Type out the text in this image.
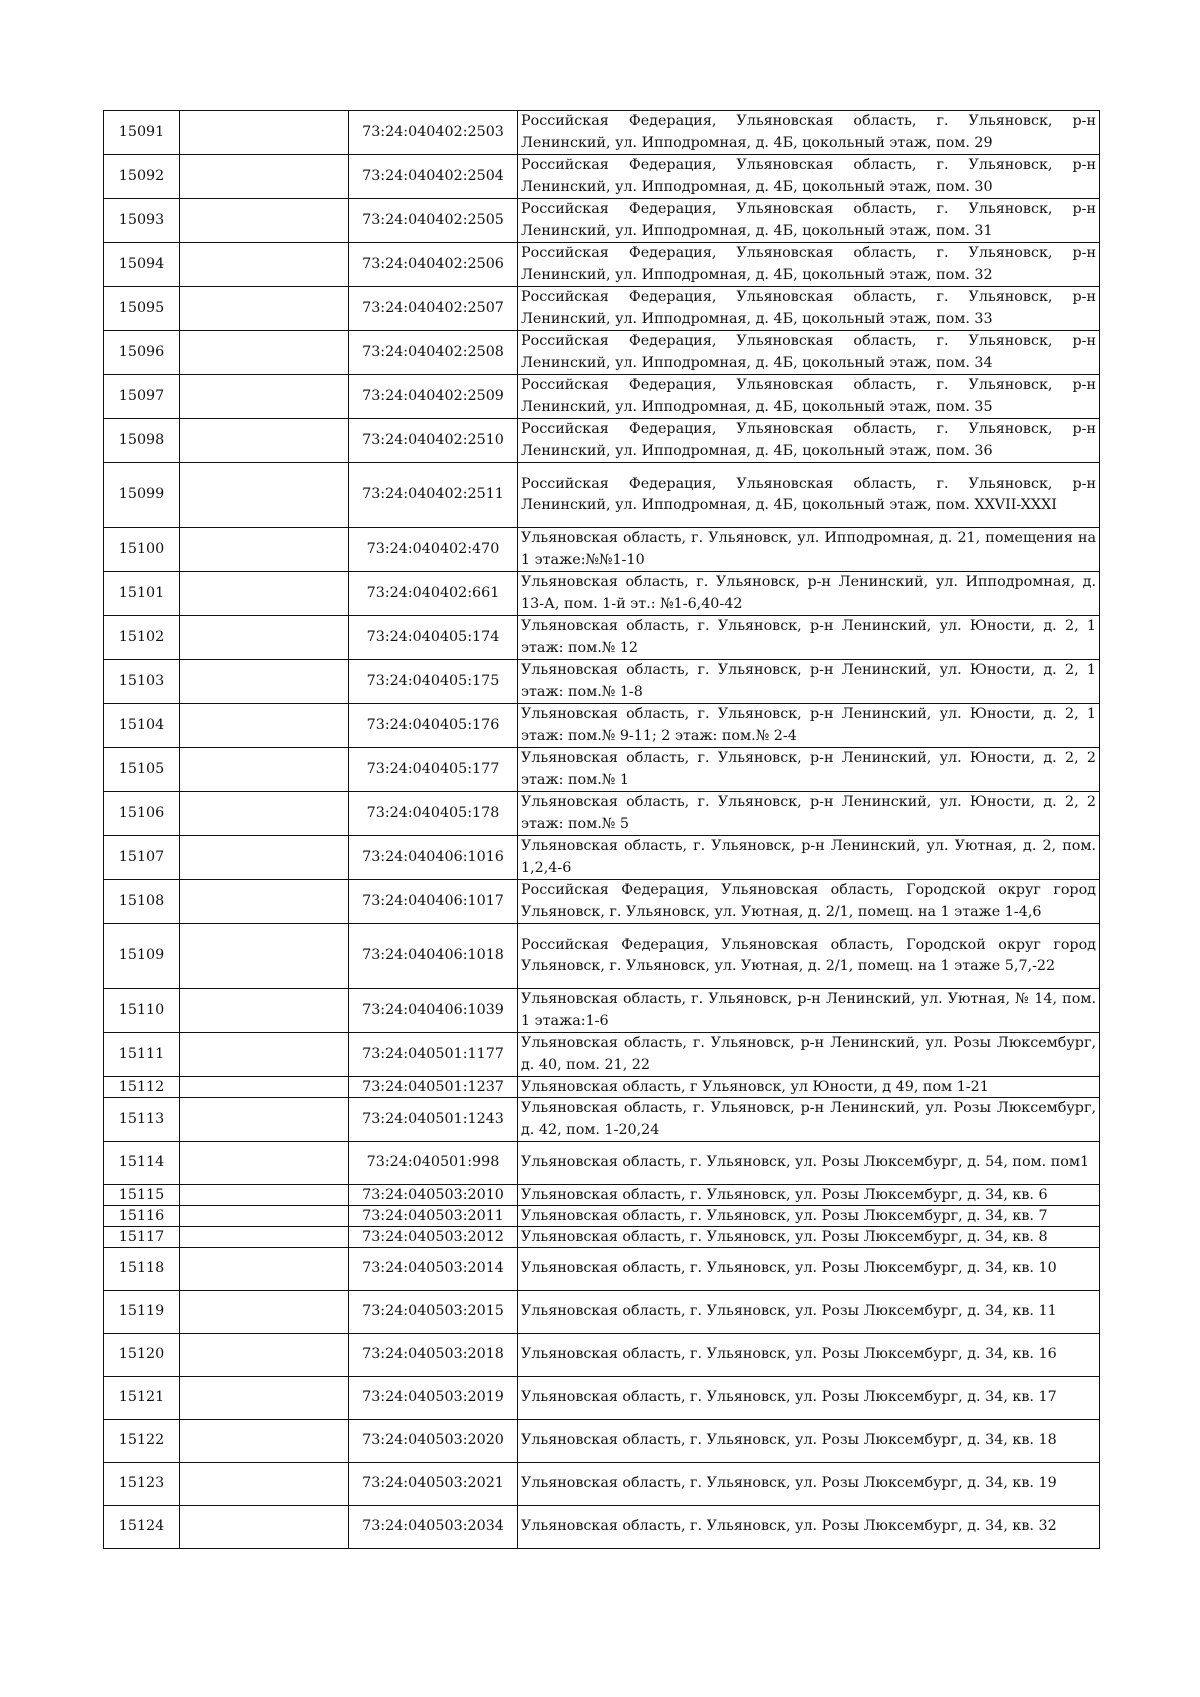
15091		73:24:040402:2503	Российская Федерация, Ульяновская область, г. Ульяновск, р-н Ленинский, ул. Ипподромная, д. 4Б, цокольный этаж, пом. 29
15092		73:24:040402:2504	Российская Федерация, Ульяновская область, г. Ульяновск, р-н Ленинский, ул. Ипподромная, д. 4Б, цокольный этаж, пом. 30
15093		73:24:040402:2505	Российская Федерация, Ульяновская область, г. Ульяновск, р-н Ленинский, ул. Ипподромная, д. 4Б, цокольный этаж, пом. 31
15094		73:24:040402:2506	Российская Федерация, Ульяновская область, г. Ульяновск, р-н Ленинский, ул. Ипподромная, д. 4Б, цокольный этаж, пом. 32
15095		73:24:040402:2507	Российская Федерация, Ульяновская область, г. Ульяновск, р-н Ленинский, ул. Ипподромная, д. 4Б, цокольный этаж, пом. 33
15096		73:24:040402:2508	Российская Федерация, Ульяновская область, г. Ульяновск, р-н Ленинский, ул. Ипподромная, д. 4Б, цокольный этаж, пом. 34
15097		73:24:040402:2509	Российская Федерация, Ульяновская область, г. Ульяновск, р-н Ленинский, ул. Ипподромная, д. 4Б, цокольный этаж, пом. 35
15098		73:24:040402:2510	Российская Федерация, Ульяновская область, г. Ульяновск, р-н Ленинский, ул. Ипподромная, д. 4Б, цокольный этаж, пом. 36
15099		73:24:040402:2511	Российская Федерация, Ульяновская область, г. Ульяновск, р-н Ленинский, ул. Ипподромная, д. 4Б, цокольный этаж, пом. XXVII-XXXI
15100		73:24:040402:470	Ульяновская область, г. Ульяновск, ул. Ипподромная, д. 21, помещения на 1 этаже:№№1-10
15101		73:24:040402:661	Ульяновская область, г. Ульяновск, р-н Ленинский, ул. Ипподромная, д. 13-А, пом. 1-й эт.: №1-6,40-42
15102		73:24:040405:174	Ульяновская область, г. Ульяновск, р-н Ленинский, ул. Юности, д. 2, 1 этаж: пом.№ 12
15103		73:24:040405:175	Ульяновская область, г. Ульяновск, р-н Ленинский, ул. Юности, д. 2, 1 этаж: пом.№ 1-8
15104		73:24:040405:176	Ульяновская область, г. Ульяновск, р-н Ленинский, ул. Юности, д. 2, 1 этаж: пом.№ 9-11; 2 этаж: пом.№ 2-4
15105		73:24:040405:177	Ульяновская область, г. Ульяновск, р-н Ленинский, ул. Юности, д. 2, 2 этаж: пом.№ 1
15106		73:24:040405:178	Ульяновская область, г. Ульяновск, р-н Ленинский, ул. Юности, д. 2, 2 этаж: пом.№ 5
15107		73:24:040406:1016	Ульяновская область, г. Ульяновск, р-н Ленинский, ул. Уютная, д. 2, пом. 1,2,4-6
15108		73:24:040406:1017	Российская Федерация, Ульяновская область, Городской округ город Ульяновск, г. Ульяновск, ул. Уютная, д. 2/1, помещ. на 1 этаже 1-4,6
15109		73:24:040406:1018	Российская Федерация, Ульяновская область, Городской округ город Ульяновск, г. Ульяновск, ул. Уютная, д. 2/1, помещ. на 1 этаже 5,7,-22
15110		73:24:040406:1039	Ульяновская область, г. Ульяновск, р-н Ленинский, ул. Уютная, № 14, пом. 1 этажа:1-6
15111		73:24:040501:1177	Ульяновская область, г. Ульяновск, р-н Ленинский, ул. Розы Люксембург, д. 40, пом. 21, 22
15112		73:24:040501:1237	Ульяновская область, г Ульяновск, ул Юности, д 49, пом 1-21
15113		73:24:040501:1243	Ульяновская область, г. Ульяновск, р-н Ленинский, ул. Розы Люксембург, д. 42, пом. 1-20,24
15114		73:24:040501:998	Ульяновская область, г. Ульяновск, ул. Розы Люксембург, д. 54, пом. пом1
15115		73:24:040503:2010	Ульяновская область, г. Ульяновск, ул. Розы Люксембург, д. 34, кв. 6
15116		73:24:040503:2011	Ульяновская область, г. Ульяновск, ул. Розы Люксембург, д. 34, кв. 7
15117		73:24:040503:2012	Ульяновская область, г. Ульяновск, ул. Розы Люксембург, д. 34, кв. 8
15118		73:24:040503:2014	Ульяновская область, г. Ульяновск, ул. Розы Люксембург, д. 34, кв. 10
15119		73:24:040503:2015	Ульяновская область, г. Ульяновск, ул. Розы Люксембург, д. 34, кв. 11
15120		73:24:040503:2018	Ульяновская область, г. Ульяновск, ул. Розы Люксембург, д. 34, кв. 16
15121		73:24:040503:2019	Ульяновская область, г. Ульяновск, ул. Розы Люксембург, д. 34, кв. 17
15122		73:24:040503:2020	Ульяновская область, г. Ульяновск, ул. Розы Люксембург, д. 34, кв. 18
15123		73:24:040503:2021	Ульяновская область, г. Ульяновск, ул. Розы Люксембург, д. 34, кв. 19
15124		73:24:040503:2034	Ульяновская область, г. Ульяновск, ул. Розы Люксембург, д. 34, кв. 32
